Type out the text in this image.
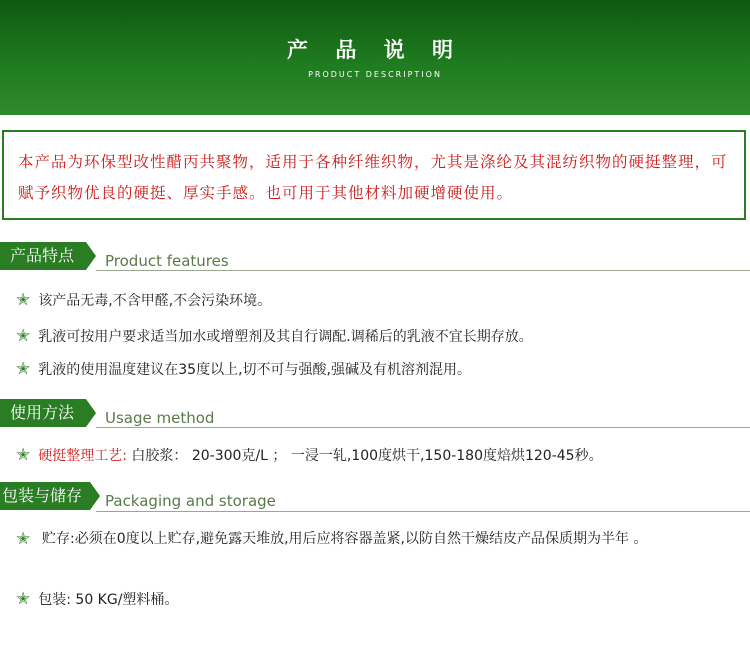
产 品 说 明
PRODUCT DESCRIPTION

本产品为环保型改性醋丙共聚物，适用于各种纤维织物，尤其是涤纶及其混纺织物的硬挺整理，可赋予织物优良的硬挺、厚实手感。也可用于其他材料加硬增硬使用。

产品特点	Product features
✭ 该产品无毒,不含甲醛,不会污染环境。
✭ 乳液可按用户要求适当加水或增塑剂及其自行调配.调稀后的乳液不宜长期存放。
✭ 乳液的使用温度建议在35度以上,切不可与强酸,强碱及有机溶剂混用。
使用方法	Usage method
✭ 硬挺整理工艺: 白胶浆： 20-300克/L ； 一浸一轧,100度烘干,150-180度焙烘120-45秒。
包装与储存	Packaging and storage
✭ 贮存:必须在0度以上贮存,避免露天堆放,用后应将容器盖紧,以防自然干燥结皮产品保质期为半年 。
✭ 包装: 50 KG/塑料桶。
